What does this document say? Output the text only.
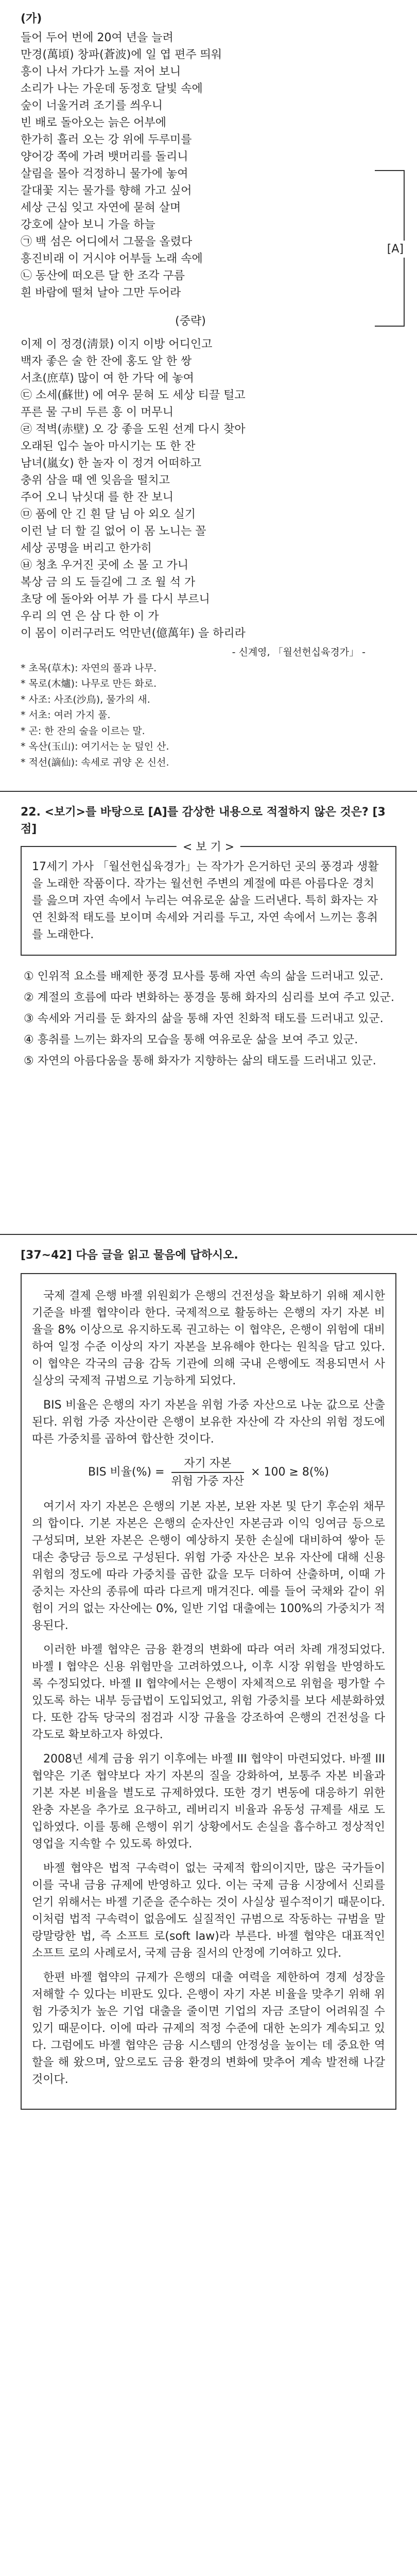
(가)
들어 두어 번에 20여 년을 늘려
만경(萬頃) 창파(蒼波)에 일 엽 편주 띄워
흥이 나서 가다가 노를 저어 보니
소리가 나는 가운데 동정호 달빛 속에
숲이 너울거려 조기를 씌우니
빈 배로 돌아오는 늙은 어부에
한가히 흘러 오는 강 위에 두루미를
양어강 쪽에 가려 뱃머리를 돌리니
살림을 몰아 걱정하니 물가에 놓여
갈대꽃 지는 물가를 향해 가고 싶어
세상 근심 잊고 자연에 묻혀 살며
강호에 살아 보니 가을 하늘
㉠ 백 섬은 어디에서 그물을 올렸다
흥진비래 이 거시야 어부들 노래 속에
㉡ 동산에 떠오른 달 한 조각 구름
흰 바람에 떨쳐 날아 그만 두어라
[A]
(중략)
이제 이 정경(淸景) 이지 이방 어디인고
백자 좋은 술 한 잔에 홍도 알 한 쌍
서초(庶草) 많이 여 한 가닥 에 놓여
㉢ 소세(蘇世) 에 여우 묻혀 도 세상 티끌 털고
푸른 물 구비 두른 흥 이 머무니
㉣ 적벽(赤壁) 오 강 좋을 도원 선계 다시 찾아
오래된 입수 놀아 마시기는 또 한 잔
남녀(嵐女) 한 놀자 이 정겨 어떠하고
충위 삼을 때 엔 잊음을 떨치고
주어 오니 낚싯대 를 한 잔 보니
㉤ 품에 안 긴 흰 달 님 아 외오 실기
이런 날 더 할 길 없어 이 몸 노니는 꼴
세상 공명을 버리고 한가히
㉥ 청초 우거진 곳에 소 몰 고 가니
복상 금 의 도 들길에 그 조 월 석 가
초당 에 돌아와 어부 가 를 다시 부르니
우리 의 연 은 삼 다 한 이 가
이 몸이 이러구러도 억만년(億萬年) 을 하리라
- 신계영, 「월선헌십육경가」 -
* 초목(草木): 자연의 풀과 나무.
* 목로(木爐): 나무로 만든 화로.
* 사조: 사조(沙鳥), 물가의 새.
* 서초: 여러 가지 풀.
* 곤: 한 잔의 술을 이르는 말.
* 옥산(玉山): 여기서는 눈 덮인 산.
* 적선(謫仙): 속세로 귀양 온 신선.
22. <보기>를 바탕으로 [A]를 감상한 내용으로 적절하지 않은 것은? [3점]
< 보 기 >
17세기 가사 「월선헌십육경가」는 작가가 은거하던 곳의 풍경과 생활을 노래한 작품이다. 작가는 월선헌 주변의 계절에 따른 아름다운 경치를 읊으며 자연 속에서 누리는 여유로운 삶을 드러낸다. 특히 화자는 자연 친화적 태도를 보이며 속세와 거리를 두고, 자연 속에서 느끼는 흥취를 노래한다.
① 인위적 요소를 배제한 풍경 묘사를 통해 자연 속의 삶을 드러내고 있군.
② 계절의 흐름에 따라 변화하는 풍경을 통해 화자의 심리를 보여 주고 있군.
③ 속세와 거리를 둔 화자의 삶을 통해 자연 친화적 태도를 드러내고 있군.
④ 흥취를 느끼는 화자의 모습을 통해 여유로운 삶을 보여 주고 있군.
⑤ 자연의 아름다움을 통해 화자가 지향하는 삶의 태도를 드러내고 있군.
[37~42] 다음 글을 읽고 물음에 답하시오.

국제 결제 은행 바젤 위원회가 은행의 건전성을 확보하기 위해 제시한 기준을 바젤 협약이라 한다. 국제적으로 활동하는 은행의 자기 자본 비율을 8% 이상으로 유지하도록 권고하는 이 협약은, 은행이 위험에 대비하여 일정 수준 이상의 자기 자본을 보유해야 한다는 원칙을 담고 있다. 이 협약은 각국의 금융 감독 기관에 의해 국내 은행에도 적용되면서 사실상의 국제적 규범으로 기능하게 되었다.

BIS 비율은 은행의 자기 자본을 위험 가중 자산으로 나눈 값으로 산출된다. 위험 가중 자산이란 은행이 보유한 자산에 각 자산의 위험 정도에 따른 가중치를 곱하여 합산한 것이다.

BIS 비율(%) = $\frac{\text{자기 자본}}{\text{위험 가중 자산}} \times 100 \ge 8(\%)$

여기서 자기 자본은 은행의 기본 자본, 보완 자본 및 단기 후순위 채무의 합이다. 기본 자본은 은행의 순자산인 자본금과 이익 잉여금 등으로 구성되며, 보완 자본은 은행이 예상하지 못한 손실에 대비하여 쌓아 둔 대손 충당금 등으로 구성된다. 위험 가중 자산은 보유 자산에 대해 신용 위험의 정도에 따라 가중치를 곱한 값을 모두 더하여 산출하며, 이때 가중치는 자산의 종류에 따라 다르게 매겨진다. 예를 들어 국채와 같이 위험이 거의 없는 자산에는 0%, 일반 기업 대출에는 100%의 가중치가 적용된다.

이러한 바젤 협약은 금융 환경의 변화에 따라 여러 차례 개정되었다. 바젤 I 협약은 신용 위험만을 고려하였으나, 이후 시장 위험을 반영하도록 수정되었다. 바젤 II 협약에서는 은행이 자체적으로 위험을 평가할 수 있도록 하는 내부 등급법이 도입되었고, 위험 가중치를 보다 세분화하였다. 또한 감독 당국의 점검과 시장 규율을 강조하여 은행의 건전성을 다각도로 확보하고자 하였다.

2008년 세계 금융 위기 이후에는 바젤 III 협약이 마련되었다. 바젤 III 협약은 기존 협약보다 자기 자본의 질을 강화하여, 보통주 자본 비율과 기본 자본 비율을 별도로 규제하였다. 또한 경기 변동에 대응하기 위한 완충 자본을 추가로 요구하고, 레버리지 비율과 유동성 규제를 새로 도입하였다. 이를 통해 은행이 위기 상황에서도 손실을 흡수하고 정상적인 영업을 지속할 수 있도록 하였다.

바젤 협약은 법적 구속력이 없는 국제적 합의이지만, 많은 국가들이 이를 국내 금융 규제에 반영하고 있다. 이는 국제 금융 시장에서 신뢰를 얻기 위해서는 바젤 기준을 준수하는 것이 사실상 필수적이기 때문이다. 이처럼 법적 구속력이 없음에도 실질적인 규범으로 작동하는 규범을 말랑말랑한 법, 즉 소프트 로(soft law)라 부른다. 바젤 협약은 대표적인 소프트 로의 사례로서, 국제 금융 질서의 안정에 기여하고 있다.

한편 바젤 협약의 규제가 은행의 대출 여력을 제한하여 경제 성장을 저해할 수 있다는 비판도 있다. 은행이 자기 자본 비율을 맞추기 위해 위험 가중치가 높은 기업 대출을 줄이면 기업의 자금 조달이 어려워질 수 있기 때문이다. 이에 따라 규제의 적정 수준에 대한 논의가 계속되고 있다. 그럼에도 바젤 협약은 금융 시스템의 안정성을 높이는 데 중요한 역할을 해 왔으며, 앞으로도 금융 환경의 변화에 맞추어 계속 발전해 나갈 것이다.
